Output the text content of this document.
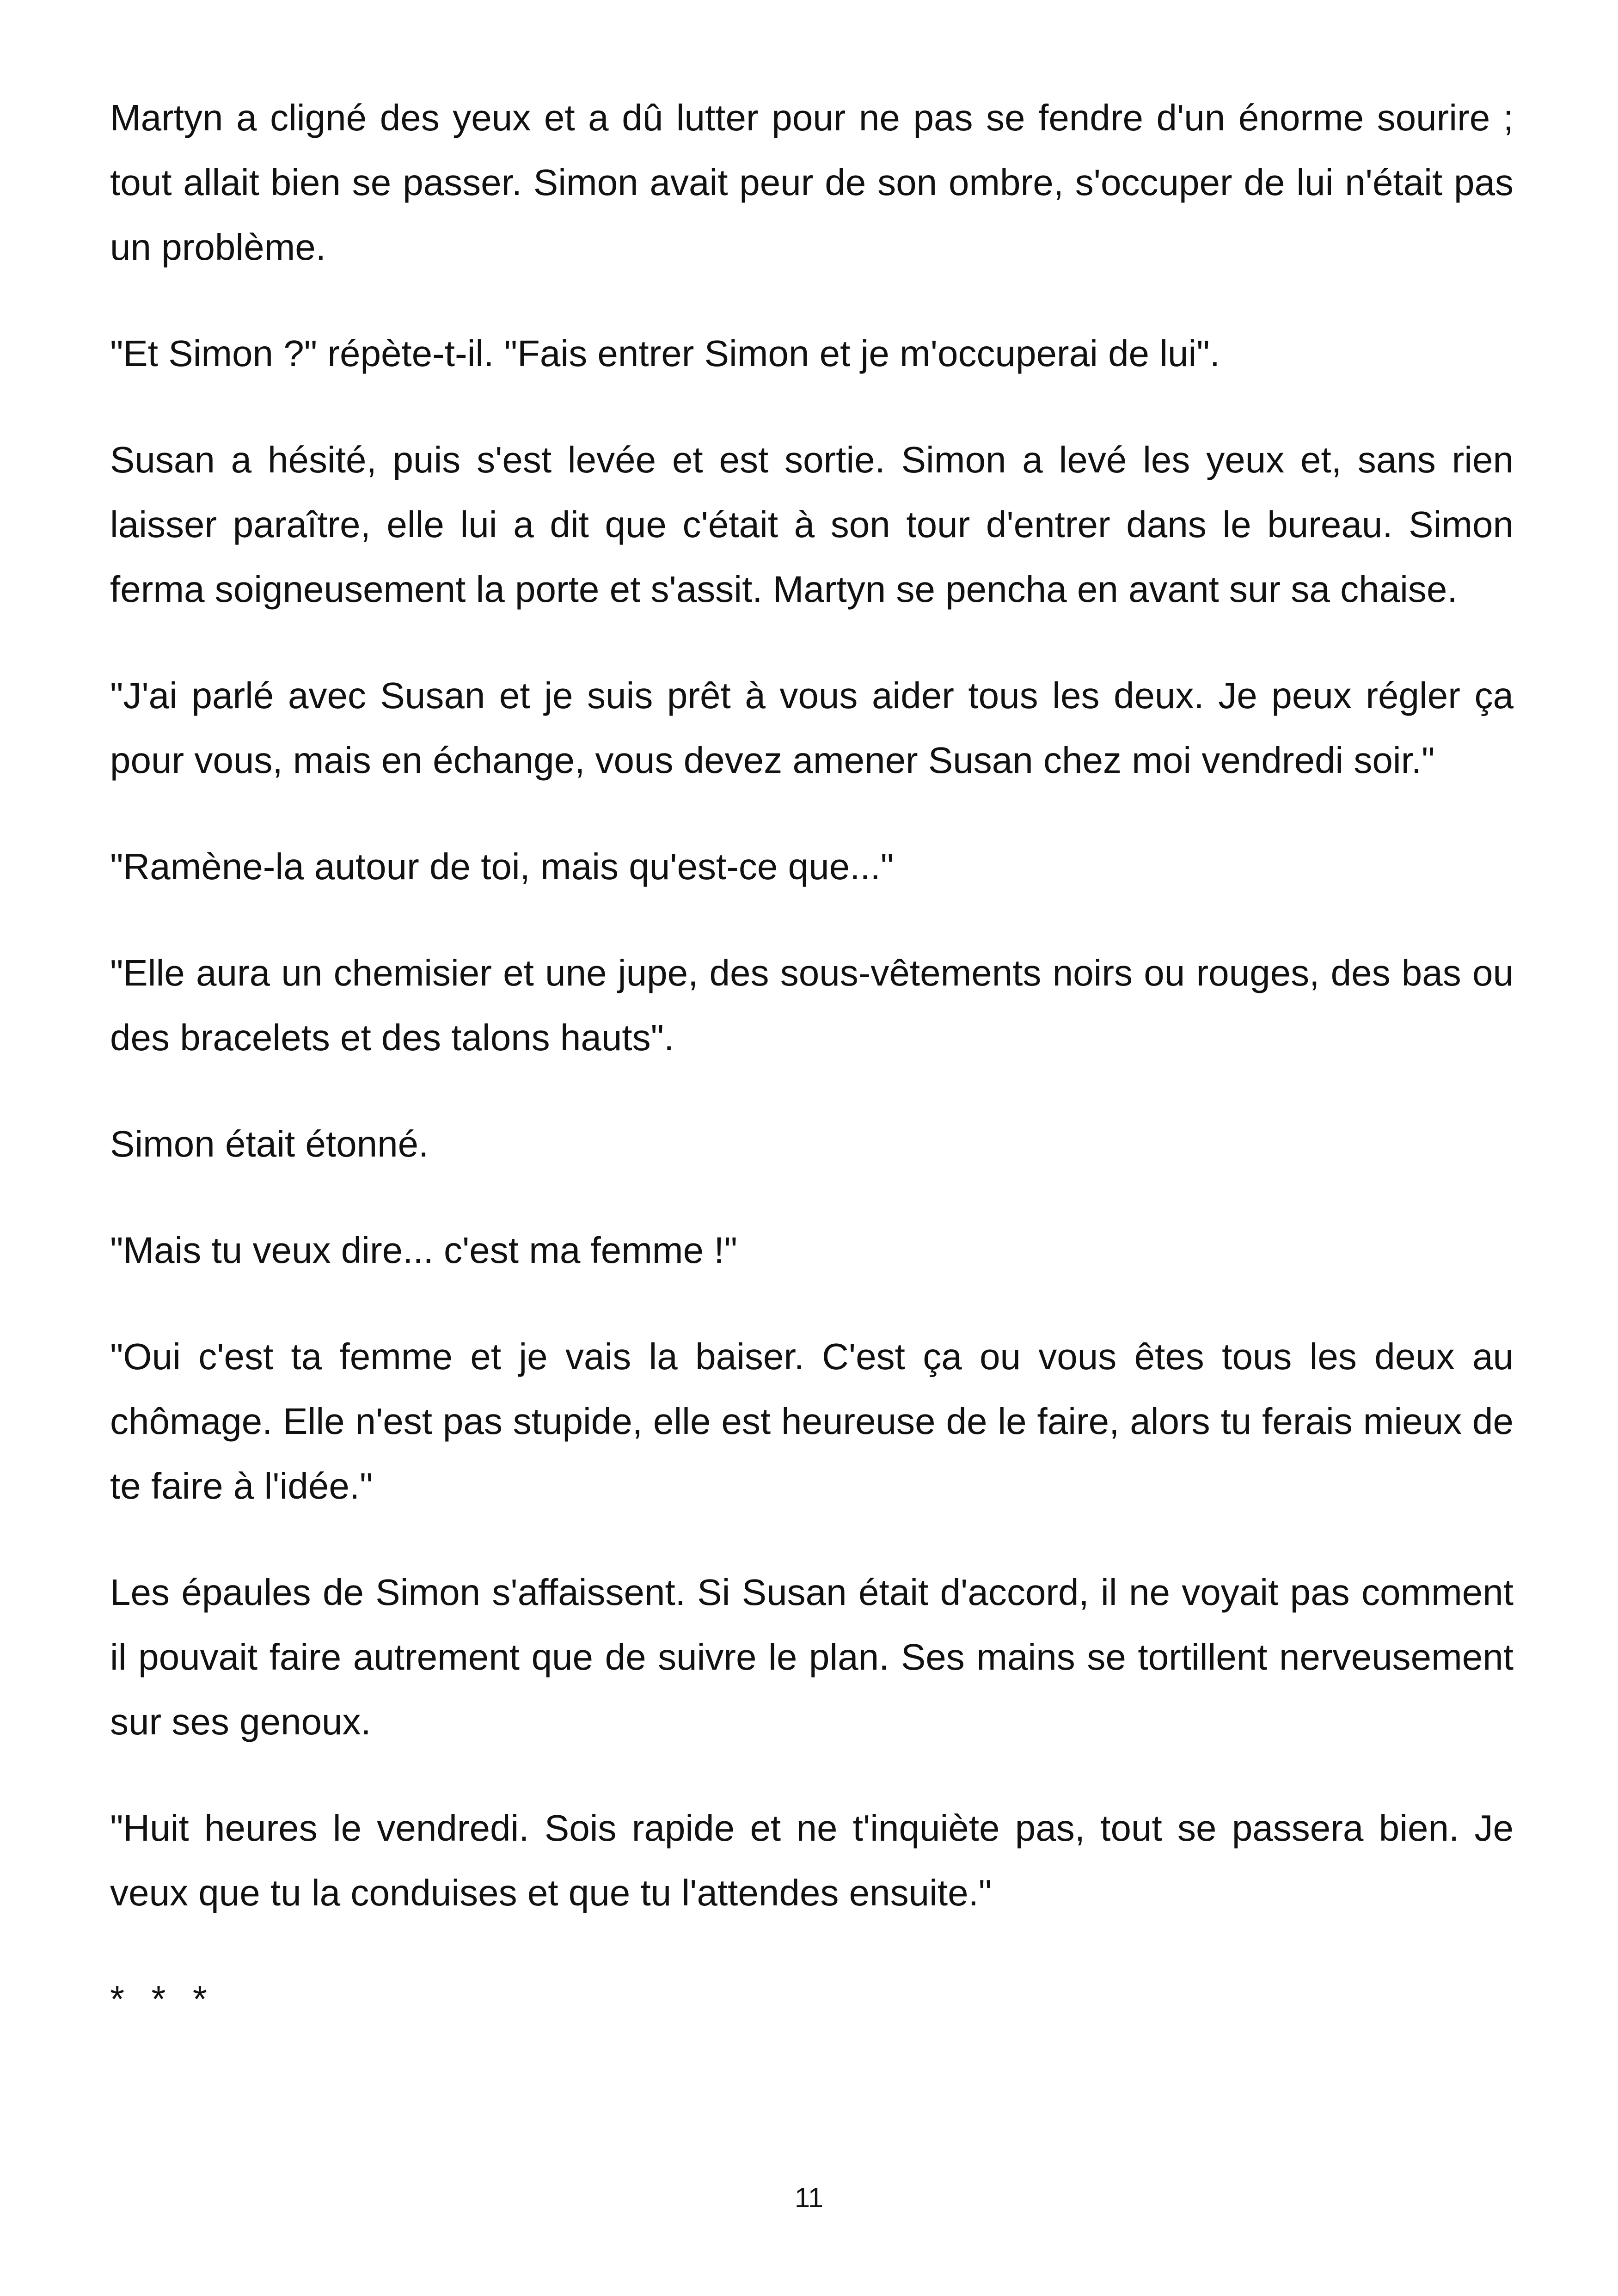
Martyn a cligné des yeux et a dû lutter pour ne pas se fendre d'un énorme sourire ; tout allait bien se passer. Simon avait peur de son ombre, s'occuper de lui n'était pas un problème.

"Et Simon ?" répète-t-il. "Fais entrer Simon et je m'occuperai de lui".

Susan a hésité, puis s'est levée et est sortie. Simon a levé les yeux et, sans rien laisser paraître, elle lui a dit que c'était à son tour d'entrer dans le bureau. Simon ferma soigneusement la porte et s'assit. Martyn se pencha en avant sur sa chaise.

"J'ai parlé avec Susan et je suis prêt à vous aider tous les deux. Je peux régler ça pour vous, mais en échange, vous devez amener Susan chez moi vendredi soir."

"Ramène-la autour de toi, mais qu'est-ce que..."

"Elle aura un chemisier et une jupe, des sous-vêtements noirs ou rouges, des bas ou des bracelets et des talons hauts".

Simon était étonné.

"Mais tu veux dire... c'est ma femme !"

"Oui c'est ta femme et je vais la baiser. C'est ça ou vous êtes tous les deux au chômage. Elle n'est pas stupide, elle est heureuse de le faire, alors tu ferais mieux de te faire à l'idée."

Les épaules de Simon s'affaissent. Si Susan était d'accord, il ne voyait pas comment il pouvait faire autrement que de suivre le plan. Ses mains se tortillent nerveusement sur ses genoux.

"Huit heures le vendredi. Sois rapide et ne t'inquiète pas, tout se passera bien. Je veux que tu la conduises et que tu l'attendes ensuite."

* * *

11
